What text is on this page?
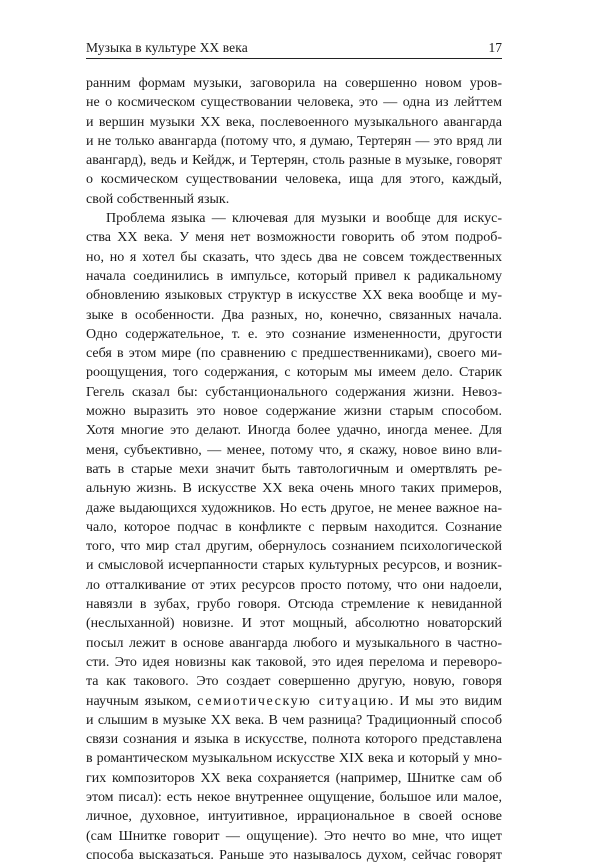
Музыка в культуре XX века	17
ранним формам музыки, заговорила на совершенно новом уров-
не о космическом существовании человека, это — одна из лейттем
и вершин музыки XX века, послевоенного музыкального авангарда
и не только авангарда (потому что, я думаю, Тертерян — это вряд ли
авангард), ведь и Кейдж, и Тертерян, столь разные в музыке, говорят
о космическом существовании человека, ища для этого, каждый,
свой собственный язык.
Проблема языка — ключевая для музыки и вообще для искус-
ства XX века. У меня нет возможности говорить об этом подроб-
но, но я хотел бы сказать, что здесь два не совсем тождественных
начала соединились в импульсе, который привел к радикальному
обновлению языковых структур в искусстве XX века вообще и му-
зыке в особенности. Два разных, но, конечно, связанных начала.
Одно содержательное, т. е. это сознание измененности, другости
себя в этом мире (по сравнению с предшественниками), своего ми-
роощущения, того содержания, с которым мы имеем дело. Старик
Гегель сказал бы: субстанционального содержания жизни. Невоз-
можно выразить это новое содержание жизни старым способом.
Хотя многие это делают. Иногда более удачно, иногда менее. Для
меня, субъективно, — менее, потому что, я скажу, новое вино вли-
вать в старые мехи значит быть тавтологичным и омертвлять ре-
альную жизнь. В искусстве XX века очень много таких примеров,
даже выдающихся художников. Но есть другое, не менее важное на-
чало, которое подчас в конфликте с первым находится. Сознание
того, что мир стал другим, обернулось сознанием психологической
и смысловой исчерпанности старых культурных ресурсов, и возник-
ло отталкивание от этих ресурсов просто потому, что они надоели,
навязли в зубах, грубо говоря. Отсюда стремление к невиданной
(неслыханной) новизне. И этот мощный, абсолютно новаторский
посыл лежит в основе авангарда любого и музыкального в частно-
сти. Это идея новизны как таковой, это идея перелома и переворо-
та как такового. Это создает совершенно другую, новую, говоря
научным языком, семиотическую ситуацию. И мы это видим
и слышим в музыке XX века. В чем разница? Традиционный способ
связи сознания и языка в искусстве, полнота которого представлена
в романтическом музыкальном искусстве XIX века и который у мно-
гих композиторов XX века сохраняется (например, Шнитке сам об
этом писал): есть некое внутреннее ощущение, большое или малое,
личное, духовное, интуитивное, иррациональное в своей основе
(сам Шнитке говорит — ощущение). Это нечто во мне, что ищет
способа высказаться. Раньше это называлось духом, сейчас говорят
